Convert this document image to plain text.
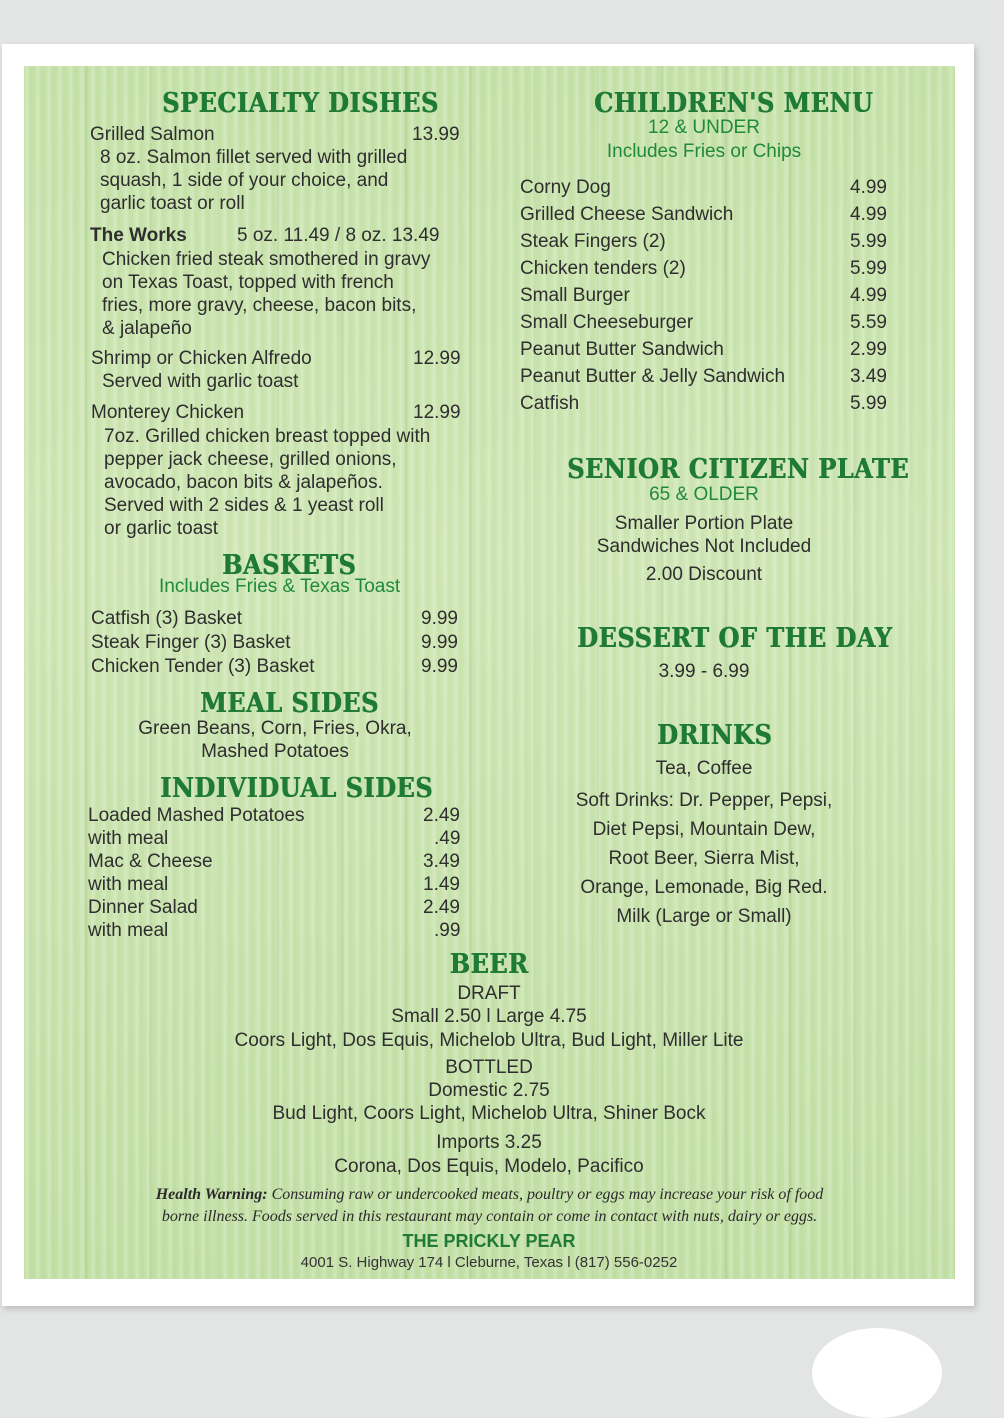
SPECIALTY DISHES
Grilled Salmon	13.99
8 oz. Salmon fillet served with grilled
squash, 1 side of your choice, and
garlic toast or roll
The Works	5 oz. 11.49 / 8 oz. 13.49
Chicken fried steak smothered in gravy
on Texas Toast, topped with french
fries, more gravy, cheese, bacon bits,
& jalapeño
Shrimp or Chicken Alfredo	12.99
Served with garlic toast
Monterey Chicken	12.99
7oz. Grilled chicken breast topped with
pepper jack cheese, grilled onions,
avocado, bacon bits & jalapeños.
Served with 2 sides & 1 yeast roll
or garlic toast
BASKETS
Includes Fries & Texas Toast
Catfish (3) Basket	9.99
Steak Finger (3) Basket	9.99
Chicken Tender (3) Basket	9.99
MEAL SIDES
Green Beans, Corn, Fries, Okra,
Mashed Potatoes
INDIVIDUAL SIDES
Loaded Mashed Potatoes	2.49
with meal	.49
Mac & Cheese	3.49
with meal	1.49
Dinner Salad	2.49
with meal	.99
CHILDREN'S MENU
12 & UNDER
Includes Fries or Chips
Corny Dog	4.99
Grilled Cheese Sandwich	4.99
Steak Fingers (2)	5.99
Chicken tenders (2)	5.99
Small Burger	4.99
Small Cheeseburger	5.59
Peanut Butter Sandwich	2.99
Peanut Butter & Jelly Sandwich	3.49
Catfish	5.99
SENIOR CITIZEN PLATE
65 & OLDER
Smaller Portion Plate
Sandwiches Not Included
2.00 Discount
DESSERT OF THE DAY
3.99 - 6.99
DRINKS
Tea, Coffee
Soft Drinks: Dr. Pepper, Pepsi,
Diet Pepsi, Mountain Dew,
Root Beer, Sierra Mist,
Orange, Lemonade, Big Red.
Milk (Large or Small)
BEER
DRAFT
Small 2.50 l Large 4.75
Coors Light, Dos Equis, Michelob Ultra, Bud Light, Miller Lite
BOTTLED
Domestic 2.75
Bud Light, Coors Light, Michelob Ultra, Shiner Bock
Imports 3.25
Corona, Dos Equis, Modelo, Pacifico
Health Warning: Consuming raw or undercooked meats, poultry or eggs may increase your risk of food
borne illness. Foods served in this restaurant may contain or come in contact with nuts, dairy or eggs.
THE PRICKLY PEAR
4001 S. Highway 174 l Cleburne, Texas l (817) 556-0252
